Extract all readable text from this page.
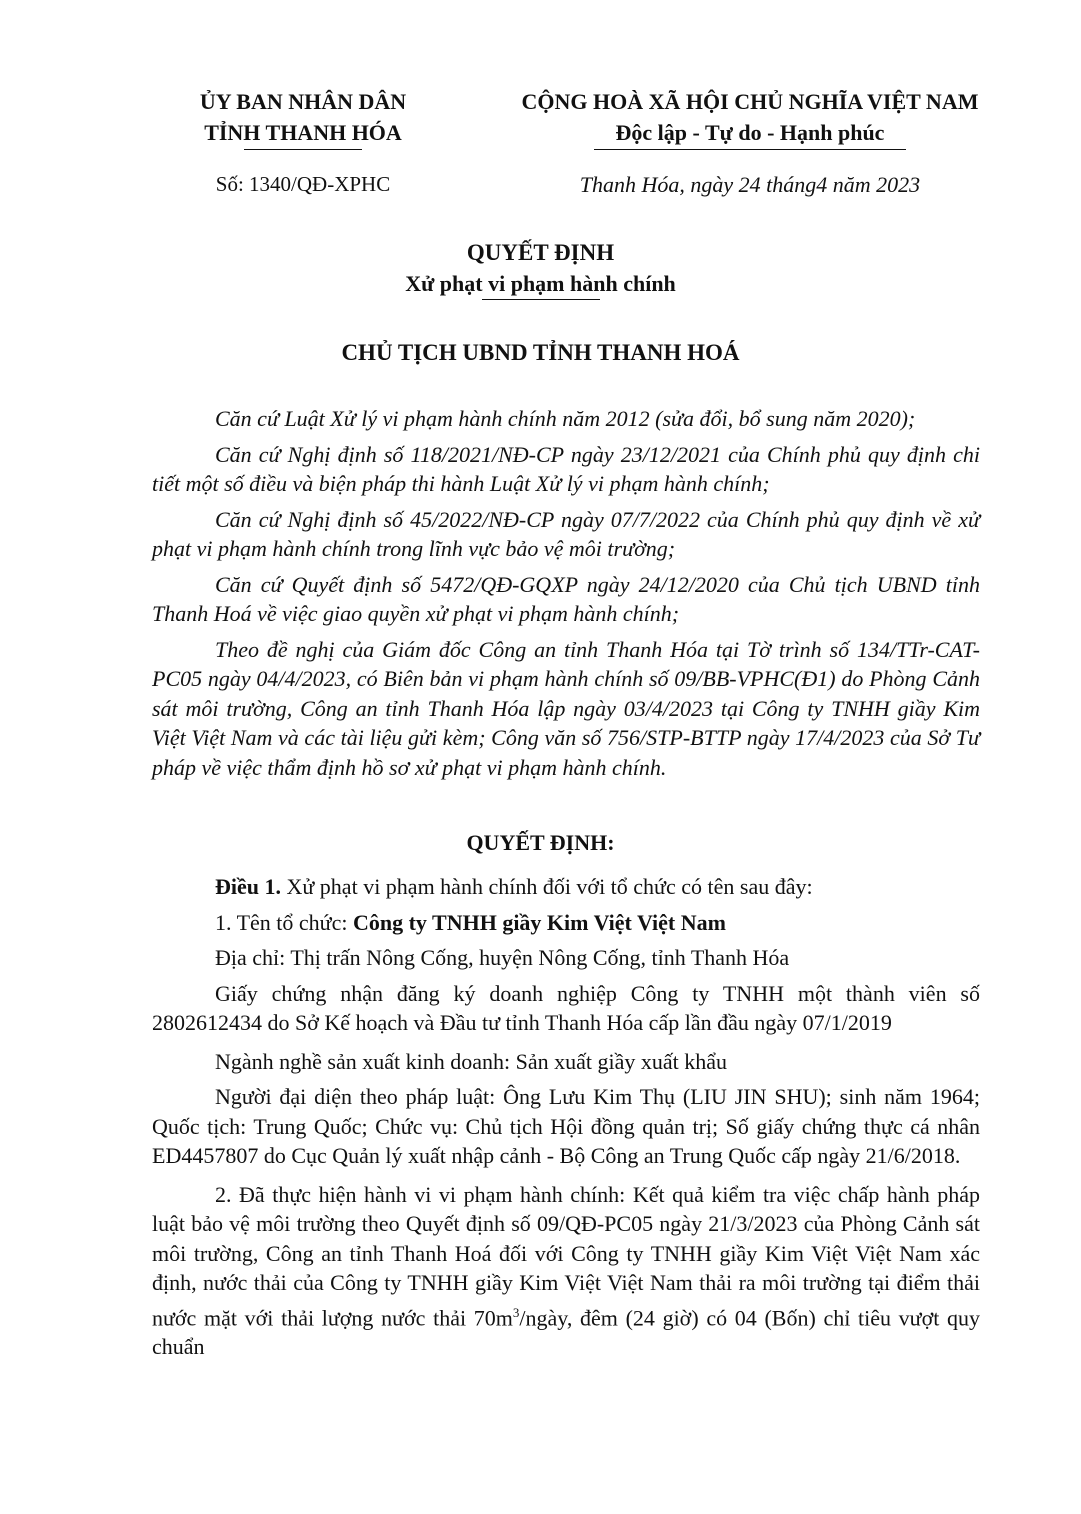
ỦY BAN NHÂN DÂN
TỈNH THANH HÓA
CỘNG HOÀ XÃ HỘI CHỦ NGHĨA VIỆT NAM
Độc lập - Tự do - Hạnh phúc
Số: 1340/QĐ-XPHC	Thanh Hóa, ngày 24 tháng4 năm 2023
QUYẾT ĐỊNH
Xử phạt vi phạm hành chính
CHỦ TỊCH UBND TỈNH THANH HOÁ

Căn cứ Luật Xử lý vi phạm hành chính năm 2012 (sửa đổi, bổ sung năm 2020);

Căn cứ Nghị định số 118/2021/NĐ-CP ngày 23/12/2021 của Chính phủ quy định chi tiết một số điều và biện pháp thi hành Luật Xử lý vi phạm hành chính;

Căn cứ Nghị định số 45/2022/NĐ-CP ngày 07/7/2022 của Chính phủ quy định về xử phạt vi phạm hành chính trong lĩnh vực bảo vệ môi trường;

Căn cứ Quyết định số 5472/QĐ-GQXP ngày 24/12/2020 của Chủ tịch UBND tỉnh Thanh Hoá về việc giao quyền xử phạt vi phạm hành chính;

Theo đề nghị của Giám đốc Công an tỉnh Thanh Hóa tại Tờ trình số 134/TTr-CAT-PC05 ngày 04/4/2023, có Biên bản vi phạm hành chính số 09/BB-VPHC(Đ1) do Phòng Cảnh sát môi trường, Công an tỉnh Thanh Hóa lập ngày 03/4/2023 tại Công ty TNHH giầy Kim Việt Việt Nam và các tài liệu gửi kèm; Công văn số 756/STP-BTTP ngày 17/4/2023 của Sở Tư pháp về việc thẩm định hồ sơ xử phạt vi phạm hành chính.

QUYẾT ĐỊNH:

Điều 1. Xử phạt vi phạm hành chính đối với tổ chức có tên sau đây:

1. Tên tổ chức: Công ty TNHH giầy Kim Việt Việt Nam

Địa chỉ: Thị trấn Nông Cống, huyện Nông Cống, tỉnh Thanh Hóa

Giấy chứng nhận đăng ký doanh nghiệp Công ty TNHH một thành viên số 2802612434 do Sở Kế hoạch và Đầu tư tỉnh Thanh Hóa cấp lần đầu ngày 07/1/2019

Ngành nghề sản xuất kinh doanh: Sản xuất giầy xuất khẩu

Người đại diện theo pháp luật: Ông Lưu Kim Thụ (LIU JIN SHU); sinh năm 1964; Quốc tịch: Trung Quốc; Chức vụ: Chủ tịch Hội đồng quản trị; Số giấy chứng thực cá nhân ED4457807 do Cục Quản lý xuất nhập cảnh - Bộ Công an Trung Quốc cấp ngày 21/6/2018.

2. Đã thực hiện hành vi vi phạm hành chính: Kết quả kiểm tra việc chấp hành pháp luật bảo vệ môi trường theo Quyết định số 09/QĐ-PC05 ngày 21/3/2023 của Phòng Cảnh sát môi trường, Công an tỉnh Thanh Hoá đối với Công ty TNHH giầy Kim Việt Việt Nam xác định, nước thải của Công ty TNHH giầy Kim Việt Việt Nam thải ra môi trường tại điểm thải nước mặt với thải lượng nước thải $70m^3$/ngày, đêm (24 giờ) có 04 (Bốn) chỉ tiêu vượt quy chuẩn
